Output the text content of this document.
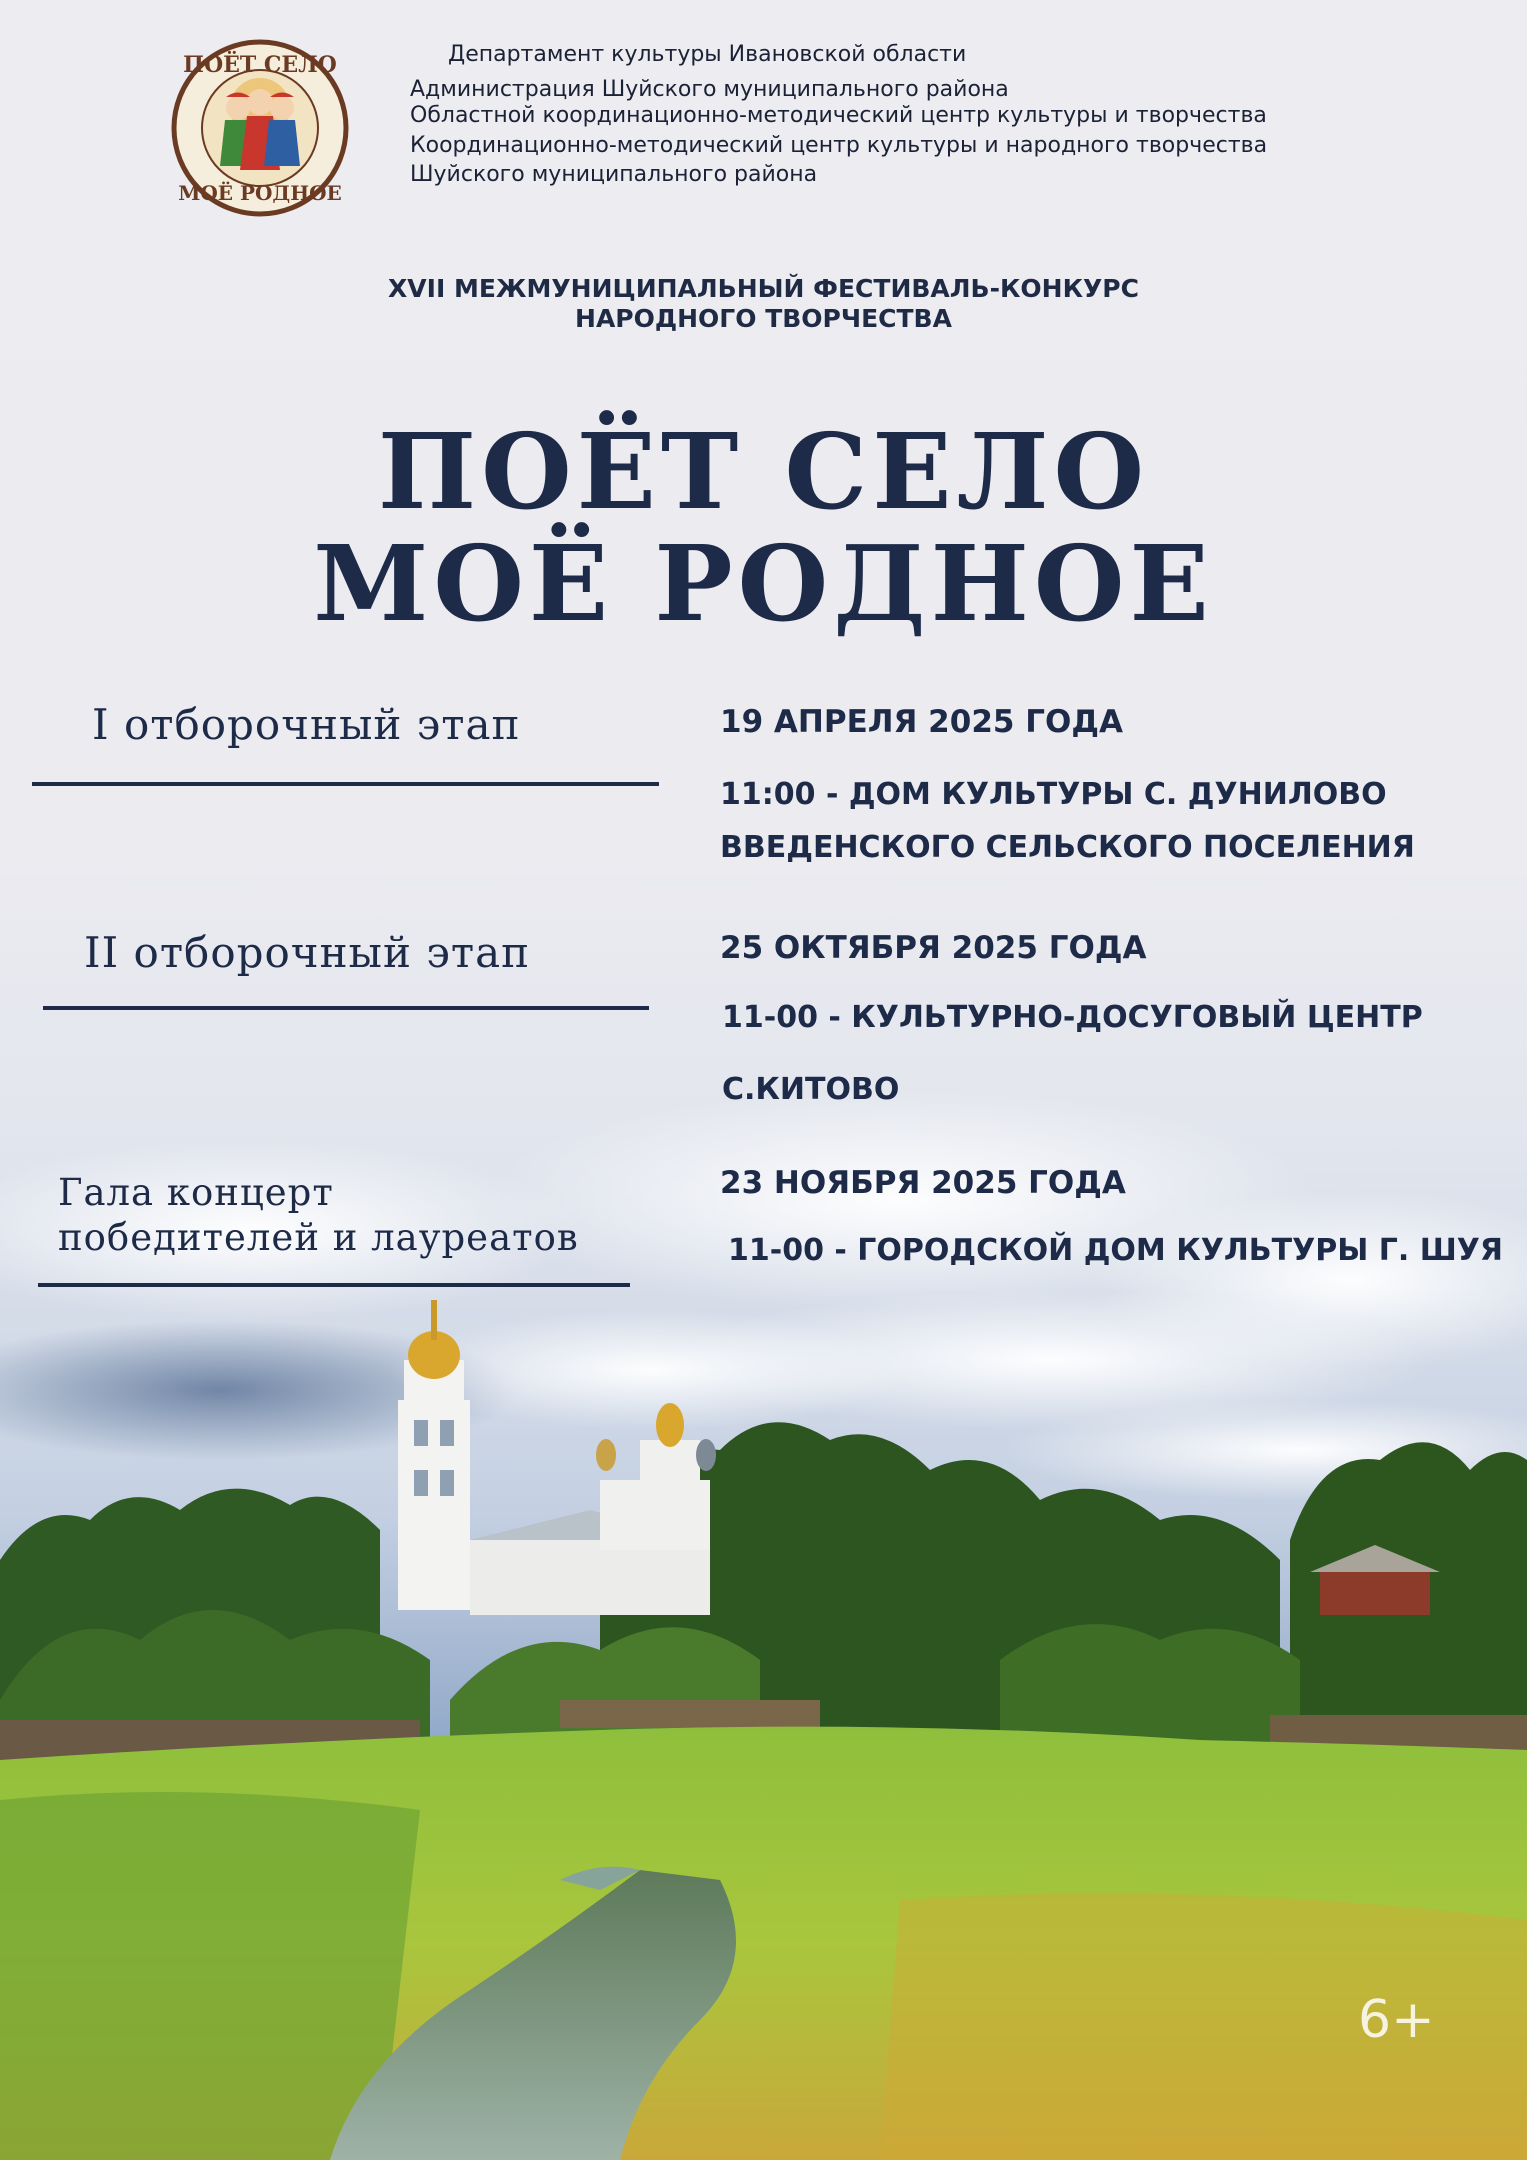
ПОЁТ СЕЛО
МОЁ РОДНОЕ
Департамент культуры Ивановской области
Администрация Шуйского муниципального района
Областной координационно-методический центр культуры и творчества
Координационно-методический центр культуры и народного творчества
Шуйского муниципального района
XVII МЕЖМУНИЦИПАЛЬНЫЙ ФЕСТИВАЛЬ-КОНКУРС
НАРОДНОГО ТВОРЧЕСТВА
ПОЁТ СЕЛО
МОЁ РОДНОЕ
I отборочный этап	19 АПРЕЛЯ 2025 ГОДА
11:00 - ДОМ КУЛЬТУРЫ С. ДУНИЛОВО
ВВЕДЕНСКОГО СЕЛЬСКОГО ПОСЕЛЕНИЯ
II отборочный этап	25 ОКТЯБРЯ 2025 ГОДА
11-00 - КУЛЬТУРНО-ДОСУГОВЫЙ ЦЕНТР
С.КИТОВО
Гала концерт
победителей и лауреатов
23 НОЯБРЯ 2025 ГОДА
11-00 - ГОРОДСКОЙ ДОМ КУЛЬТУРЫ Г. ШУЯ
6+
